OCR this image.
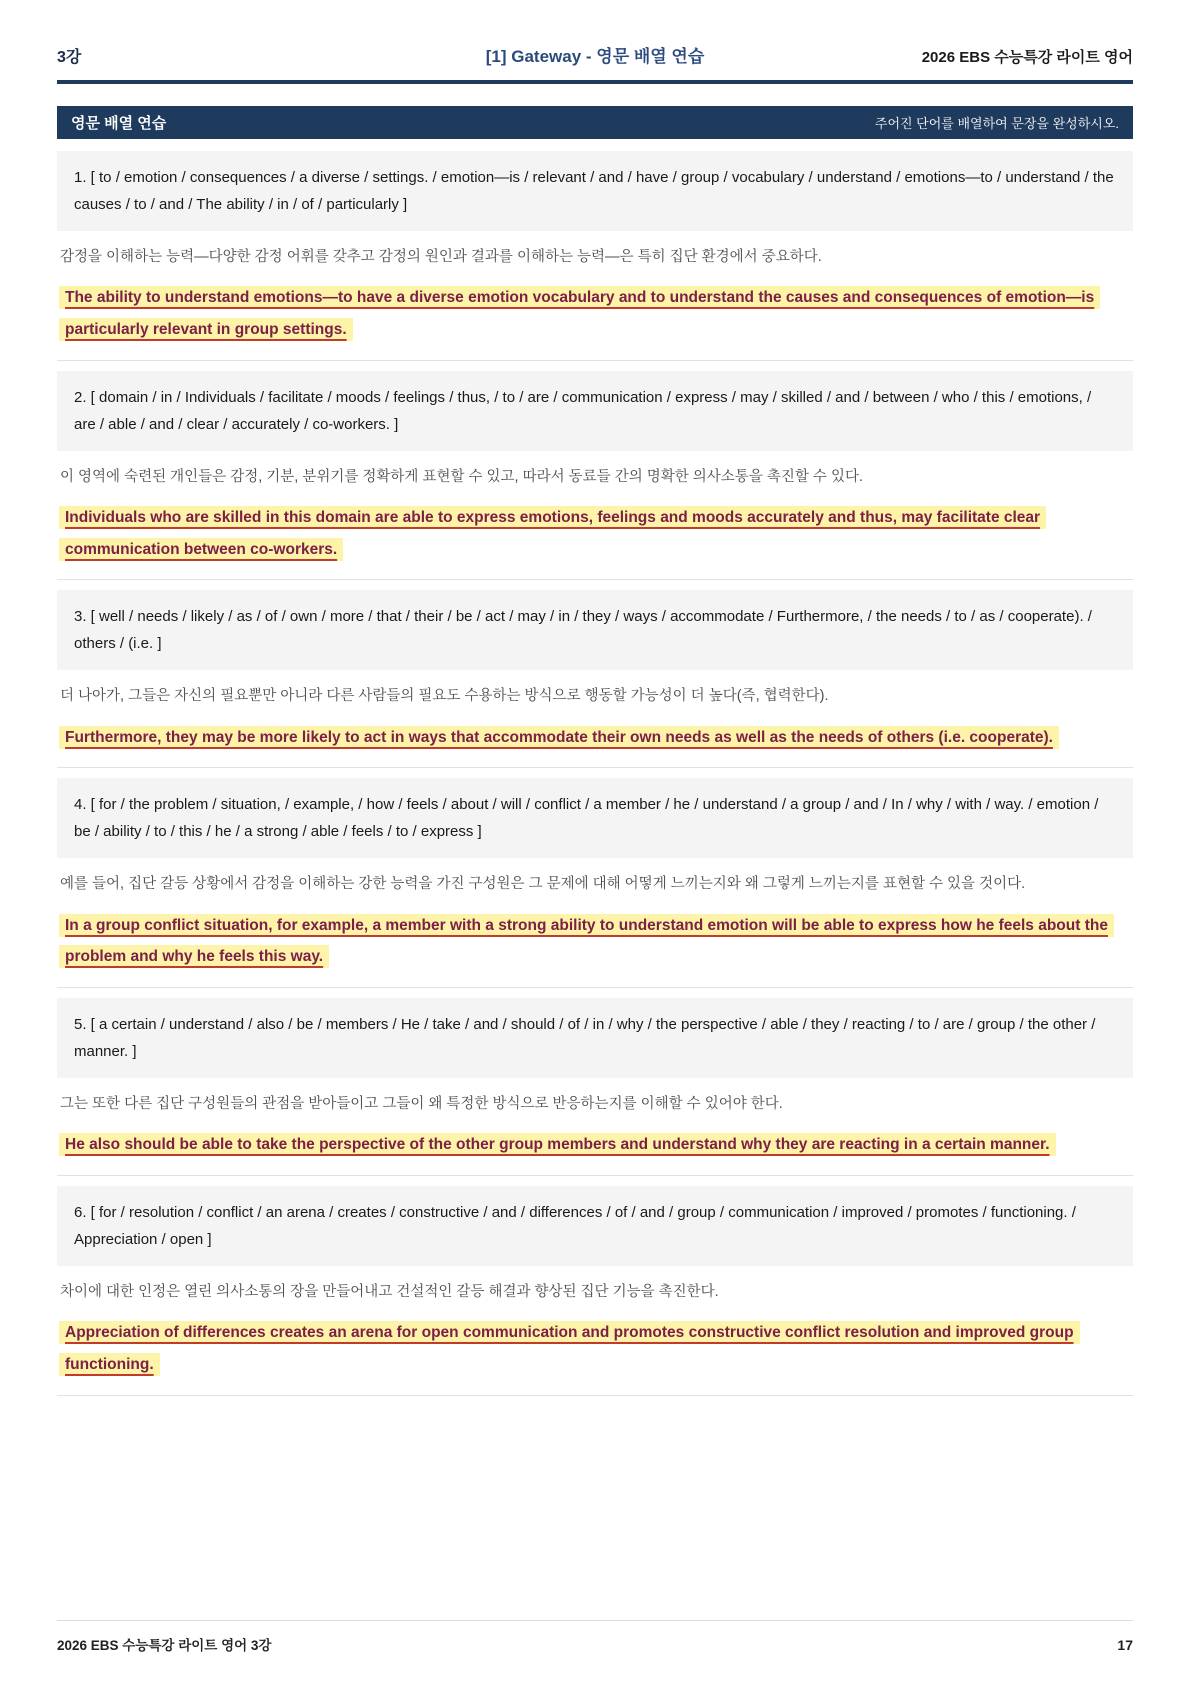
3강	[1] Gateway - 영문 배열 연습	2026 EBS 수능특강 라이트 영어
영문 배열 연습	주어진 단어를 배열하여 문장을 완성하시오.

1. [ to / emotion / consequences / a diverse / settings. / emotion—is / relevant / and / have / group / vocabulary / understand / emotions—to / understand / the causes / to / and / The ability / in / of / particularly ]

감정을 이해하는 능력—다양한 감정 어휘를 갖추고 감정의 원인과 결과를 이해하는 능력—은 특히 집단 환경에서 중요하다.

The ability to understand emotions—to have a diverse emotion vocabulary and to understand the causes and consequences of emotion—is particularly relevant in group settings.

2. [ domain / in / Individuals / facilitate / moods / feelings / thus, / to / are / communication / express / may / skilled / and / between / who / this / emotions, / are / able / and / clear / accurately / co-workers. ]

이 영역에 숙련된 개인들은 감정, 기분, 분위기를 정확하게 표현할 수 있고, 따라서 동료들 간의 명확한 의사소통을 촉진할 수 있다.

Individuals who are skilled in this domain are able to express emotions, feelings and moods accurately and thus, may facilitate clear communication between co-workers.

3. [ well / needs / likely / as / of / own / more / that / their / be / act / may / in / they / ways / accommodate / Furthermore, / the needs / to / as / cooperate). / others / (i.e. ]

더 나아가, 그들은 자신의 필요뿐만 아니라 다른 사람들의 필요도 수용하는 방식으로 행동할 가능성이 더 높다(즉, 협력한다).

Furthermore, they may be more likely to act in ways that accommodate their own needs as well as the needs of others (i.e. cooperate).

4. [ for / the problem / situation, / example, / how / feels / about / will / conflict / a member / he / understand / a group / and / In / why / with / way. / emotion / be / ability / to / this / he / a strong / able / feels / to / express ]

예를 들어, 집단 갈등 상황에서 감정을 이해하는 강한 능력을 가진 구성원은 그 문제에 대해 어떻게 느끼는지와 왜 그렇게 느끼는지를 표현할 수 있을 것이다.

In a group conflict situation, for example, a member with a strong ability to understand emotion will be able to express how he feels about the problem and why he feels this way.

5. [ a certain / understand / also / be / members / He / take / and / should / of / in / why / the perspective / able / they / reacting / to / are / group / the other / manner. ]

그는 또한 다른 집단 구성원들의 관점을 받아들이고 그들이 왜 특정한 방식으로 반응하는지를 이해할 수 있어야 한다.

He also should be able to take the perspective of the other group members and understand why they are reacting in a certain manner.

6. [ for / resolution / conflict / an arena / creates / constructive / and / differences / of / and / group / communication / improved / promotes / functioning. / Appreciation / open ]

차이에 대한 인정은 열린 의사소통의 장을 만들어내고 건설적인 갈등 해결과 향상된 집단 기능을 촉진한다.

Appreciation of differences creates an arena for open communication and promotes constructive conflict resolution and improved group functioning.

2026 EBS 수능특강 라이트 영어 3강	17
